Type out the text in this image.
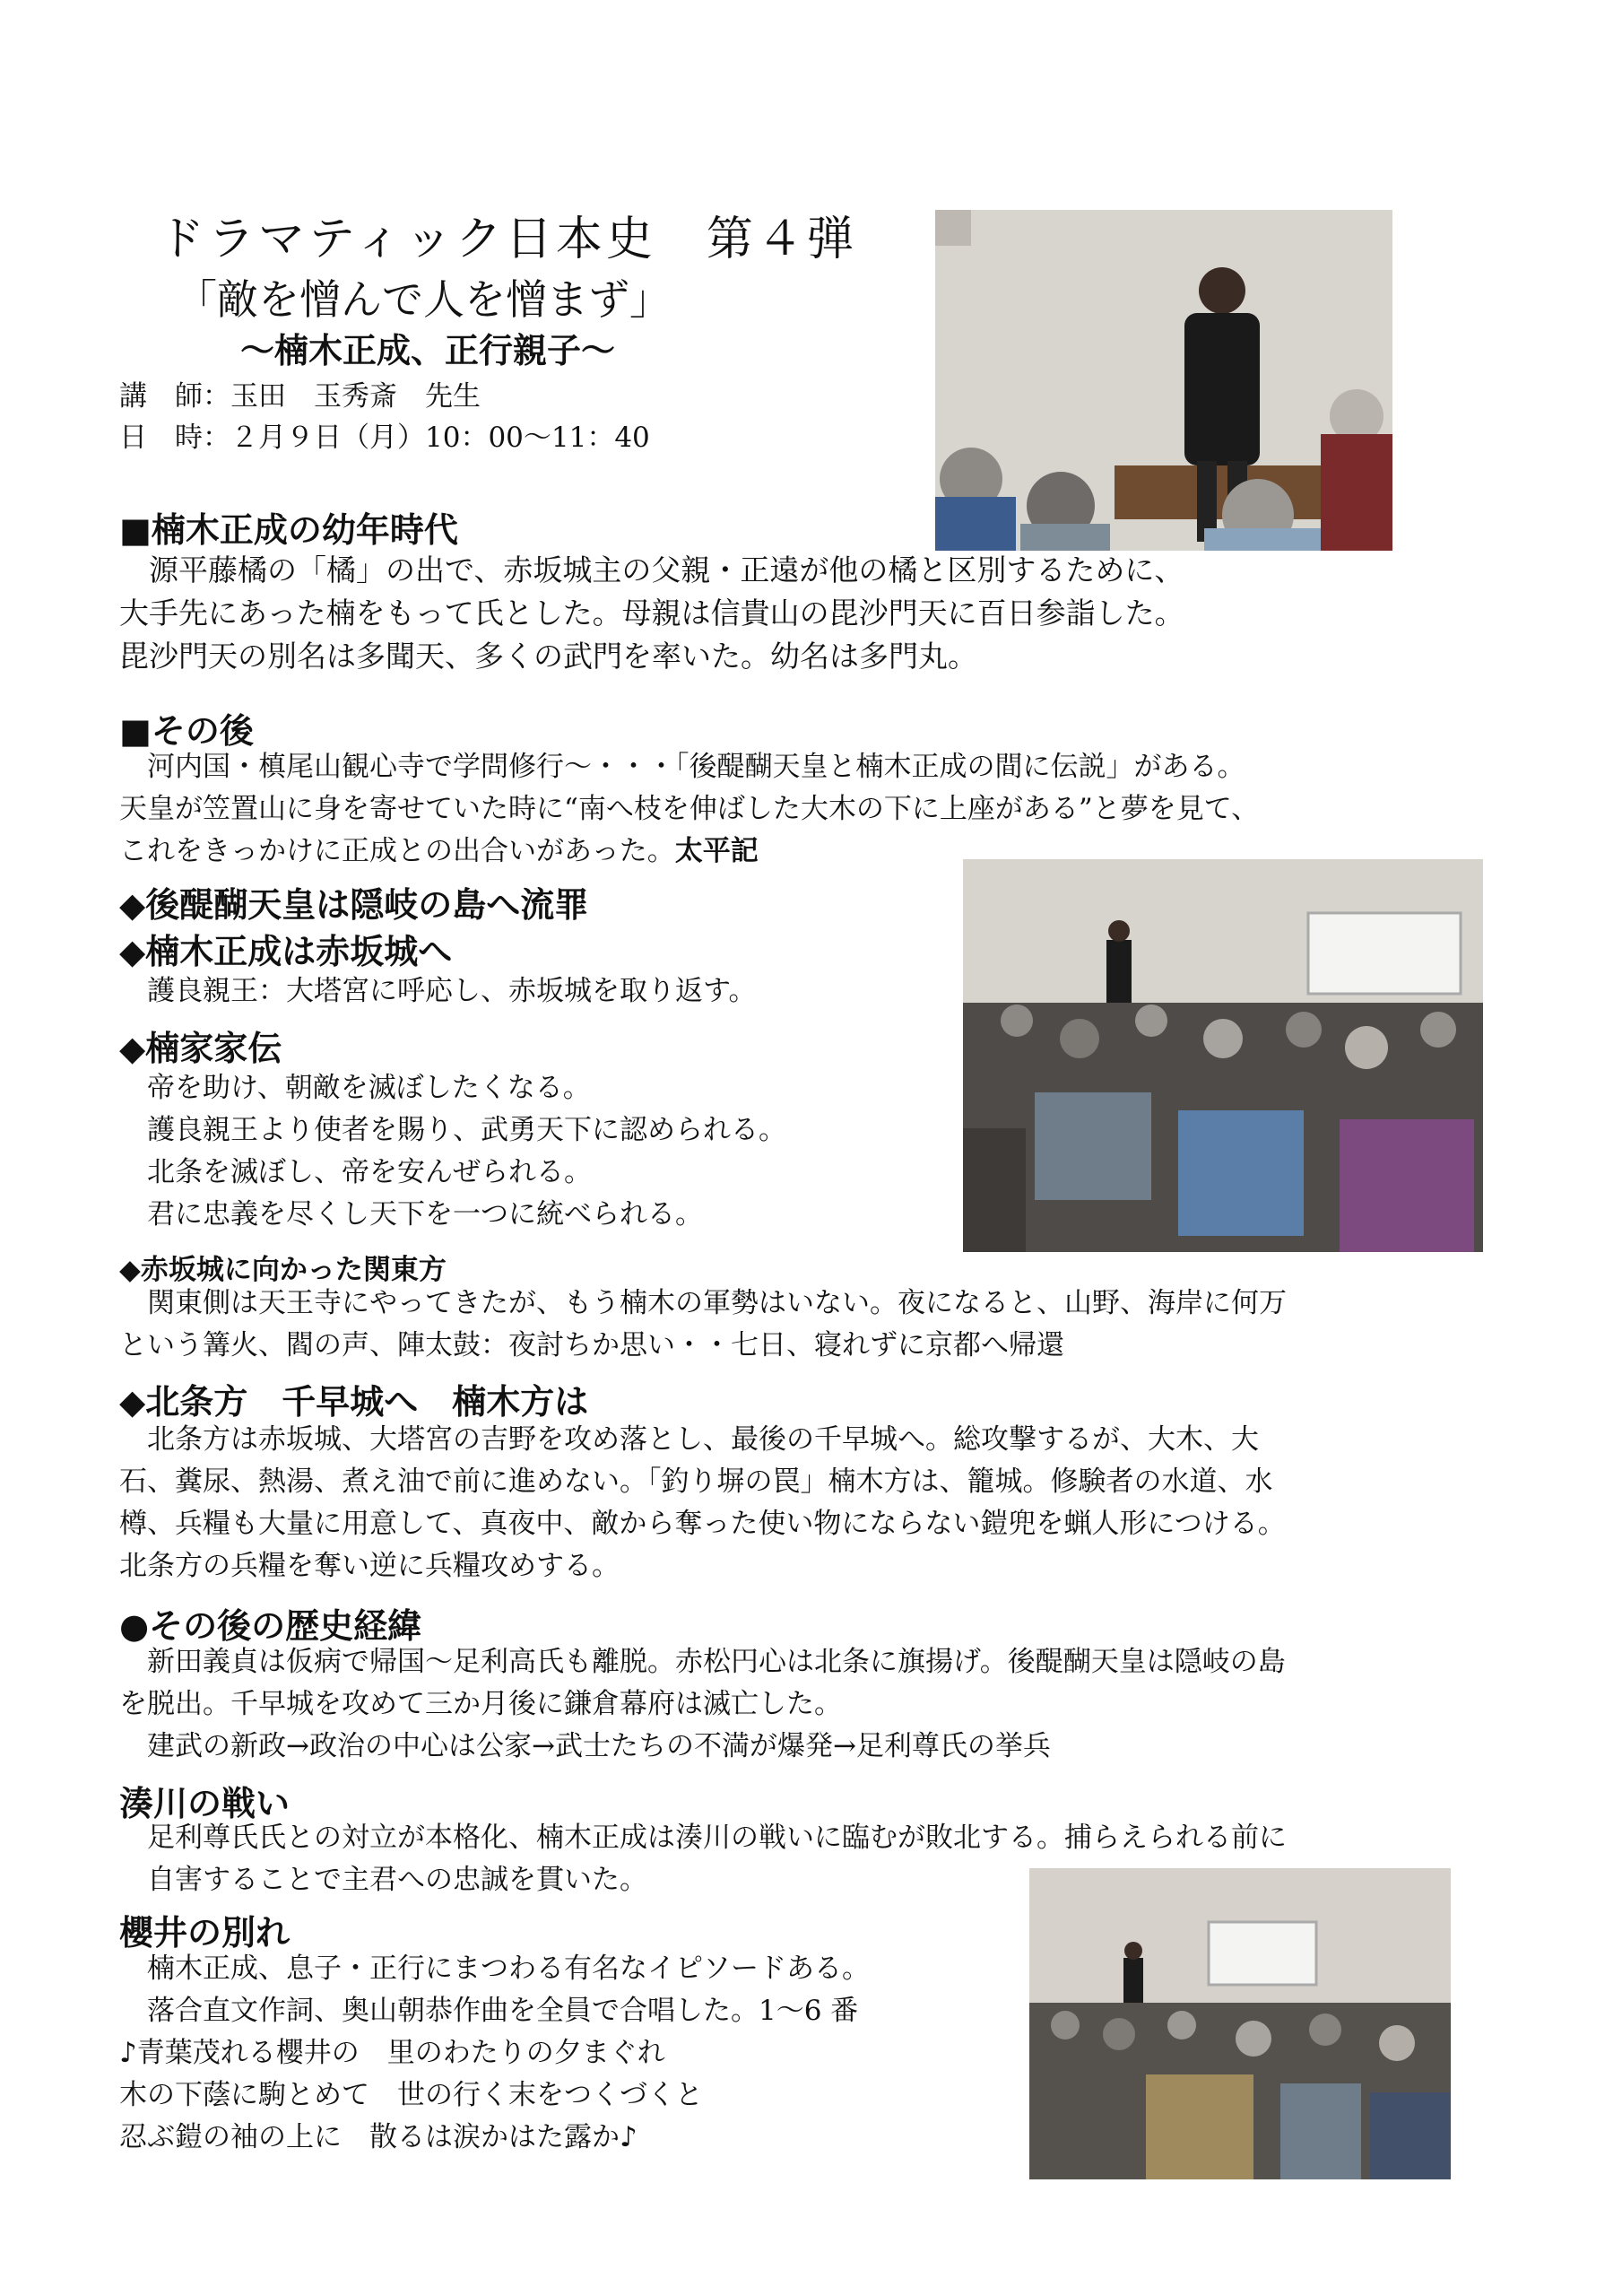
ドラマティック日本史　第４弾
「敵を憎んで人を憎まず」
～楠木正成、正行親子～
講　師：玉田　玉秀斎　先生
日　時：２月９日（月）10：00～11：40
■楠木正成の幼年時代
　源平藤橘の「橘」の出で、赤坂城主の父親・正遠が他の橘と区別するために、
大手先にあった楠をもって氏とした。母親は信貴山の毘沙門天に百日参詣した。
毘沙門天の別名は多聞天、多くの武門を率いた。幼名は多門丸。
■その後
　河内国・槙尾山観心寺で学問修行～・・・「後醍醐天皇と楠木正成の間に伝説」がある。
天皇が笠置山に身を寄せていた時に“南へ枝を伸ばした大木の下に上座がある”と夢を見て、
これをきっかけに正成との出合いがあった。太平記
◆後醍醐天皇は隠岐の島へ流罪
◆楠木正成は赤坂城へ
　護良親王：大塔宮に呼応し、赤坂城を取り返す。
◆楠家家伝
　帝を助け、朝敵を滅ぼしたくなる。
　護良親王より使者を賜り、武勇天下に認められる。
　北条を滅ぼし、帝を安んぜられる。
　君に忠義を尽くし天下を一つに統べられる。
◆赤坂城に向かった関東方
　関東側は天王寺にやってきたが、もう楠木の軍勢はいない。夜になると、山野、海岸に何万
という篝火、閻の声、陣太鼓：夜討ちか思い・・七日、寝れずに京都へ帰還
◆北条方　千早城へ　楠木方は
　北条方は赤坂城、大塔宮の吉野を攻め落とし、最後の千早城へ。総攻撃するが、大木、大
石、糞尿、熱湯、煮え油で前に進めない。「釣り塀の罠」楠木方は、籠城。修験者の水道、水
樽、兵糧も大量に用意して、真夜中、敵から奪った使い物にならない鎧兜を蝋人形につける。
北条方の兵糧を奪い逆に兵糧攻めする。
●その後の歴史経緯
　新田義貞は仮病で帰国～足利高氏も離脱。赤松円心は北条に旗揚げ。後醍醐天皇は隠岐の島
を脱出。千早城を攻めて三か月後に鎌倉幕府は滅亡した。
　建武の新政→政治の中心は公家→武士たちの不満が爆発→足利尊氏の挙兵
湊川の戦い
　足利尊氏氏との対立が本格化、楠木正成は湊川の戦いに臨むが敗北する。捕らえられる前に
　自害することで主君への忠誠を貫いた。
櫻井の別れ
　楠木正成、息子・正行にまつわる有名なイピソードある。
　落合直文作詞、奥山朝恭作曲を全員で合唱した。1～6 番
♪青葉茂れる櫻井の　里のわたりの夕まぐれ
木の下蔭に駒とめて　世の行く末をつくづくと
忍ぶ鎧の袖の上に　散るは涙かはた露か♪
